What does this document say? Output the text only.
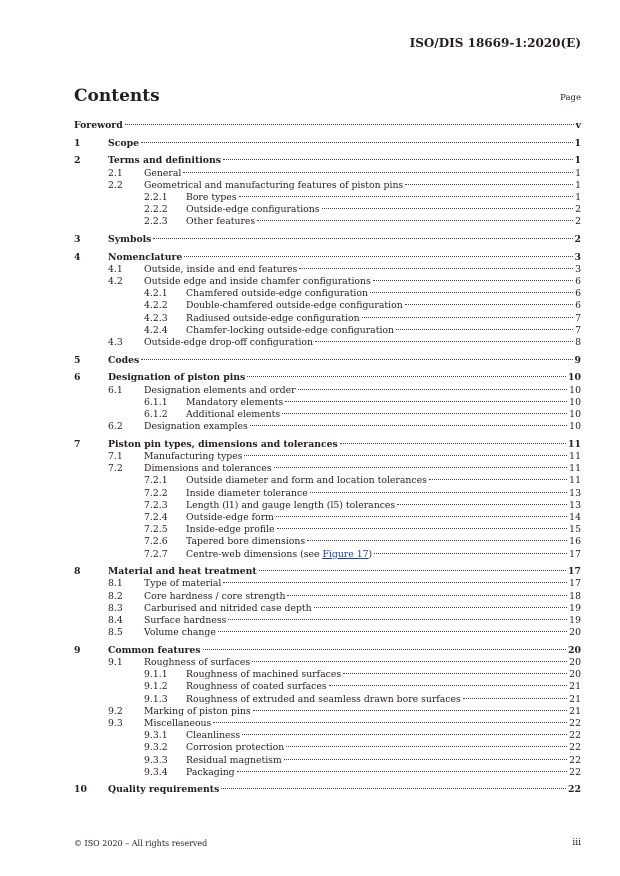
ISO/DIS 18669-1:2020(E)
Contents	Page
Foreword	v
1	Scope	1
2	Terms and definitions	1
2.1 General	1
2.2 Geometrical and manufacturing features of piston pins	1
2.2.1 Bore types	1
2.2.2 Outside-edge configurations	2
2.2.3 Other features	2
3	Symbols	2
4	Nomenclature	3
4.1 Outside, inside and end features	3
4.2 Outside edge and inside chamfer configurations	6
4.2.1 Chamfered outside-edge configuration	6
4.2.2 Double-chamfered outside-edge configuration	6
4.2.3 Radiused outside-edge configuration	7
4.2.4 Chamfer-locking outside-edge configuration	7
4.3 Outside-edge drop-off configuration	8
5	Codes	9
6	Designation of piston pins	10
6.1 Designation elements and order	10
6.1.1 Mandatory elements	10
6.1.2 Additional elements	10
6.2 Designation examples	10
7	Piston pin types, dimensions and tolerances	11
7.1 Manufacturing types	11
7.2 Dimensions and tolerances	11
7.2.1 Outside diameter and form and location tolerances	11
7.2.2 Inside diameter tolerance	13
7.2.3 Length (l1) and gauge length (l5) tolerances	13
7.2.4 Outside-edge form	14
7.2.5 Inside-edge profile	15
7.2.6 Tapered bore dimensions	16
7.2.7 Centre-web dimensions (see Figure 17)	17
8	Material and heat treatment	17
8.1 Type of material	17
8.2 Core hardness / core strength	18
8.3 Carburised and nitrided case depth	19
8.4 Surface hardness	19
8.5 Volume change	20
9	Common features	20
9.1 Roughness of surfaces	20
9.1.1 Roughness of machined surfaces	20
9.1.2 Roughness of coated surfaces	21
9.1.3 Roughness of extruded and seamless drawn bore surfaces	21
9.2 Marking of piston pins	21
9.3 Miscellaneous	22
9.3.1 Cleanliness	22
9.3.2 Corrosion protection	22
9.3.3 Residual magnetism	22
9.3.4 Packaging	22
10 Quality requirements	22
© ISO 2020 – All rights reserved	iii
